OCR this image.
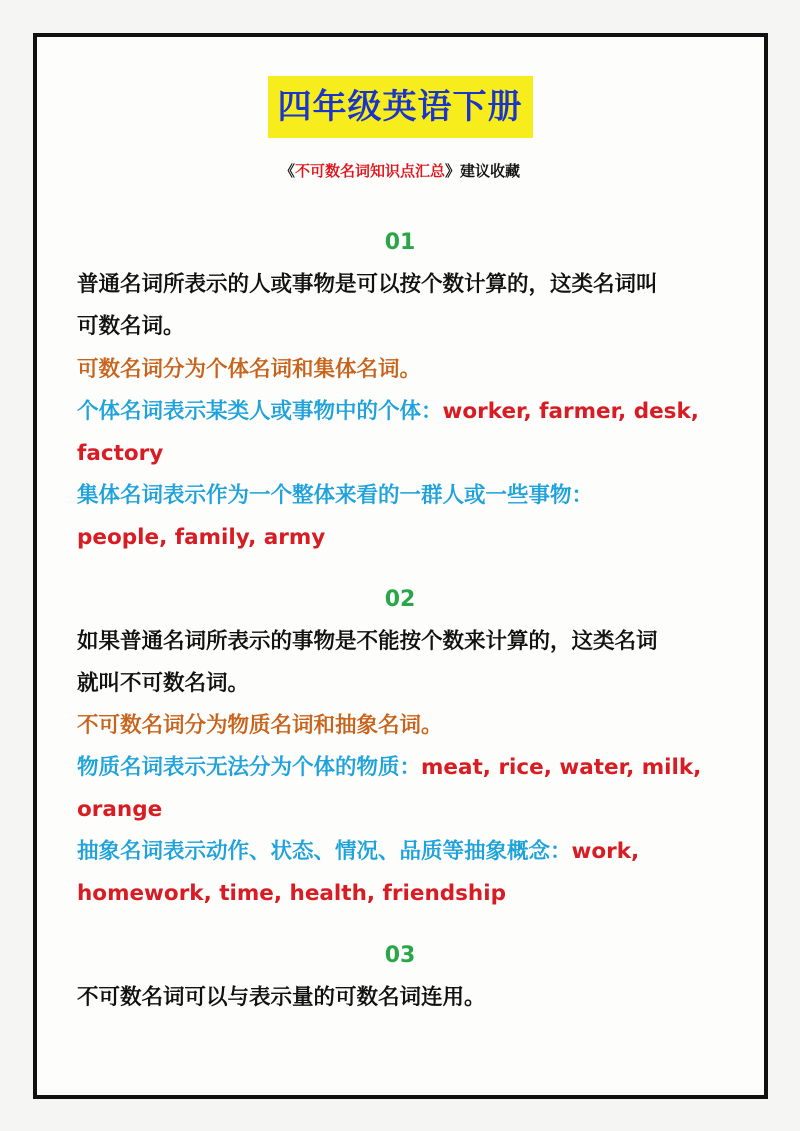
四年级英语下册
《不可数名词知识点汇总》建议收藏
01
普通名词所表示的人或事物是可以按个数计算的，这类名词叫
可数名词。
可数名词分为个体名词和集体名词。
个体名词表示某类人或事物中的个体：worker, farmer, desk,
factory
集体名词表示作为一个整体来看的一群人或一些事物：
people, family, army
02
如果普通名词所表示的事物是不能按个数来计算的，这类名词
就叫不可数名词。
不可数名词分为物质名词和抽象名词。
物质名词表示无法分为个体的物质：meat, rice, water, milk,
orange
抽象名词表示动作、状态、情况、品质等抽象概念：work,
homework, time, health, friendship
03
不可数名词可以与表示量的可数名词连用。
